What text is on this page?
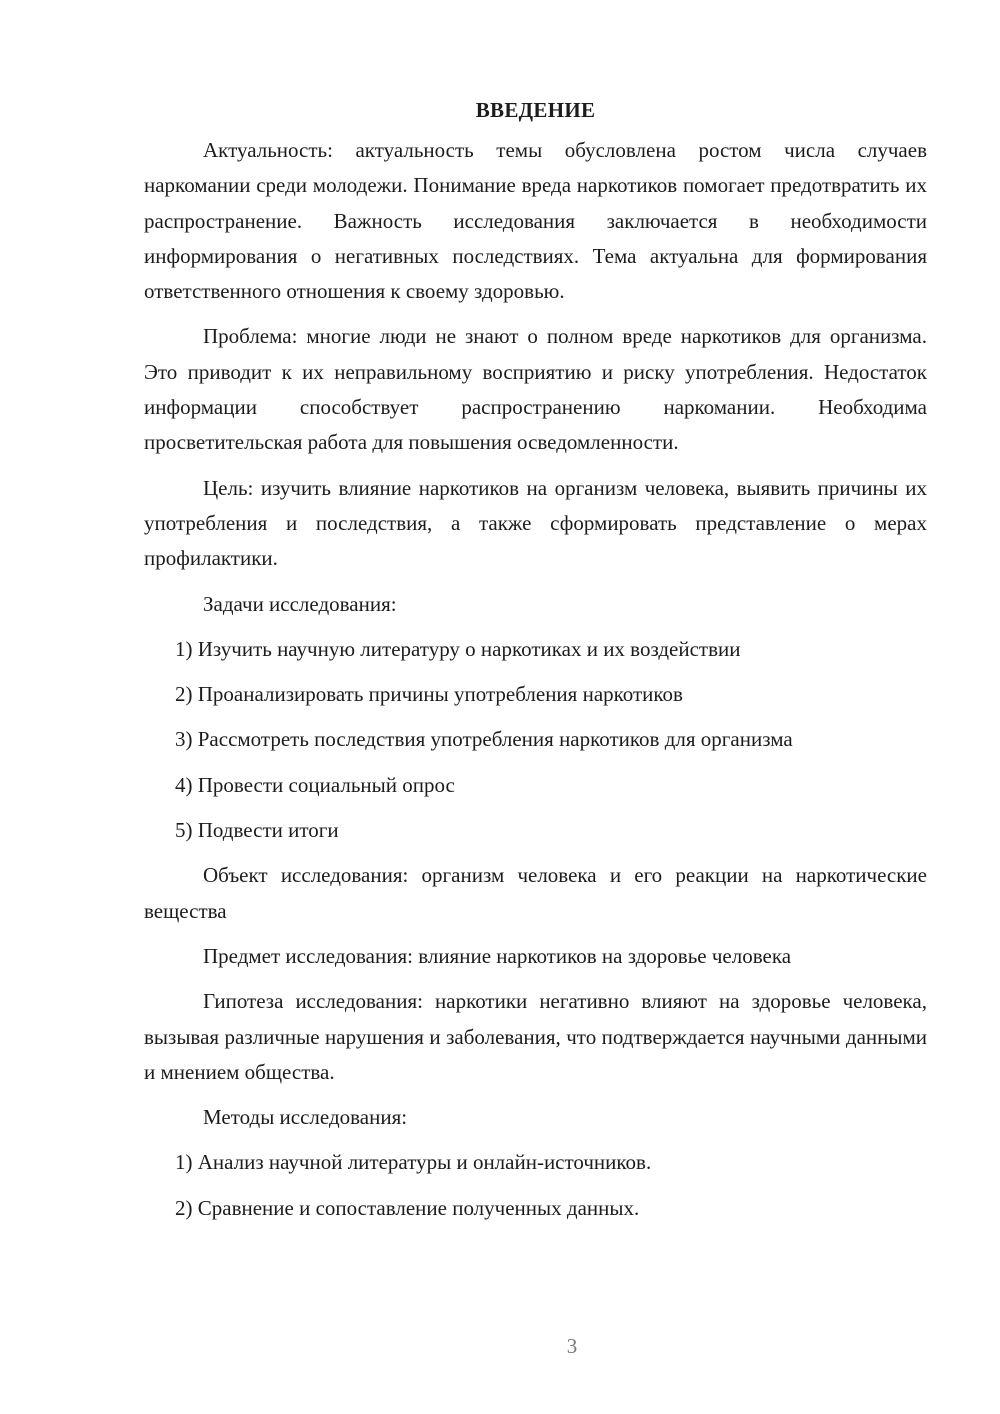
ВВЕДЕНИЕ

Актуальность: актуальность темы обусловлена ростом числа случаев наркомании среди молодежи. Понимание вреда наркотиков помогает предотвратить их распространение. Важность исследования заключается в необходимости информирования о негативных последствиях. Тема актуальна для формирования ответственного отношения к своему здоровью.

Проблема: многие люди не знают о полном вреде наркотиков для организма. Это приводит к их неправильному восприятию и риску употребления. Недостаток информации способствует распространению наркомании. Необходима просветительская работа для повышения осведомленности.

Цель: изучить влияние наркотиков на организм человека, выявить причины их употребления и последствия, а также сформировать представление о мерах профилактики.

Задачи исследования:
1) Изучить научную литературу о наркотиках и их воздействии
2) Проанализировать причины употребления наркотиков
3) Рассмотреть последствия употребления наркотиков для организма
4) Провести социальный опрос
5) Подвести итоги

Объект исследования: организм человека и его реакции на наркотические вещества

Предмет исследования: влияние наркотиков на здоровье человека

Гипотеза исследования: наркотики негативно влияют на здоровье человека, вызывая различные нарушения и заболевания, что подтверждается научными данными и мнением общества.

Методы исследования:
1) Анализ научной литературы и онлайн-источников.
2) Сравнение и сопоставление полученных данных.
3
